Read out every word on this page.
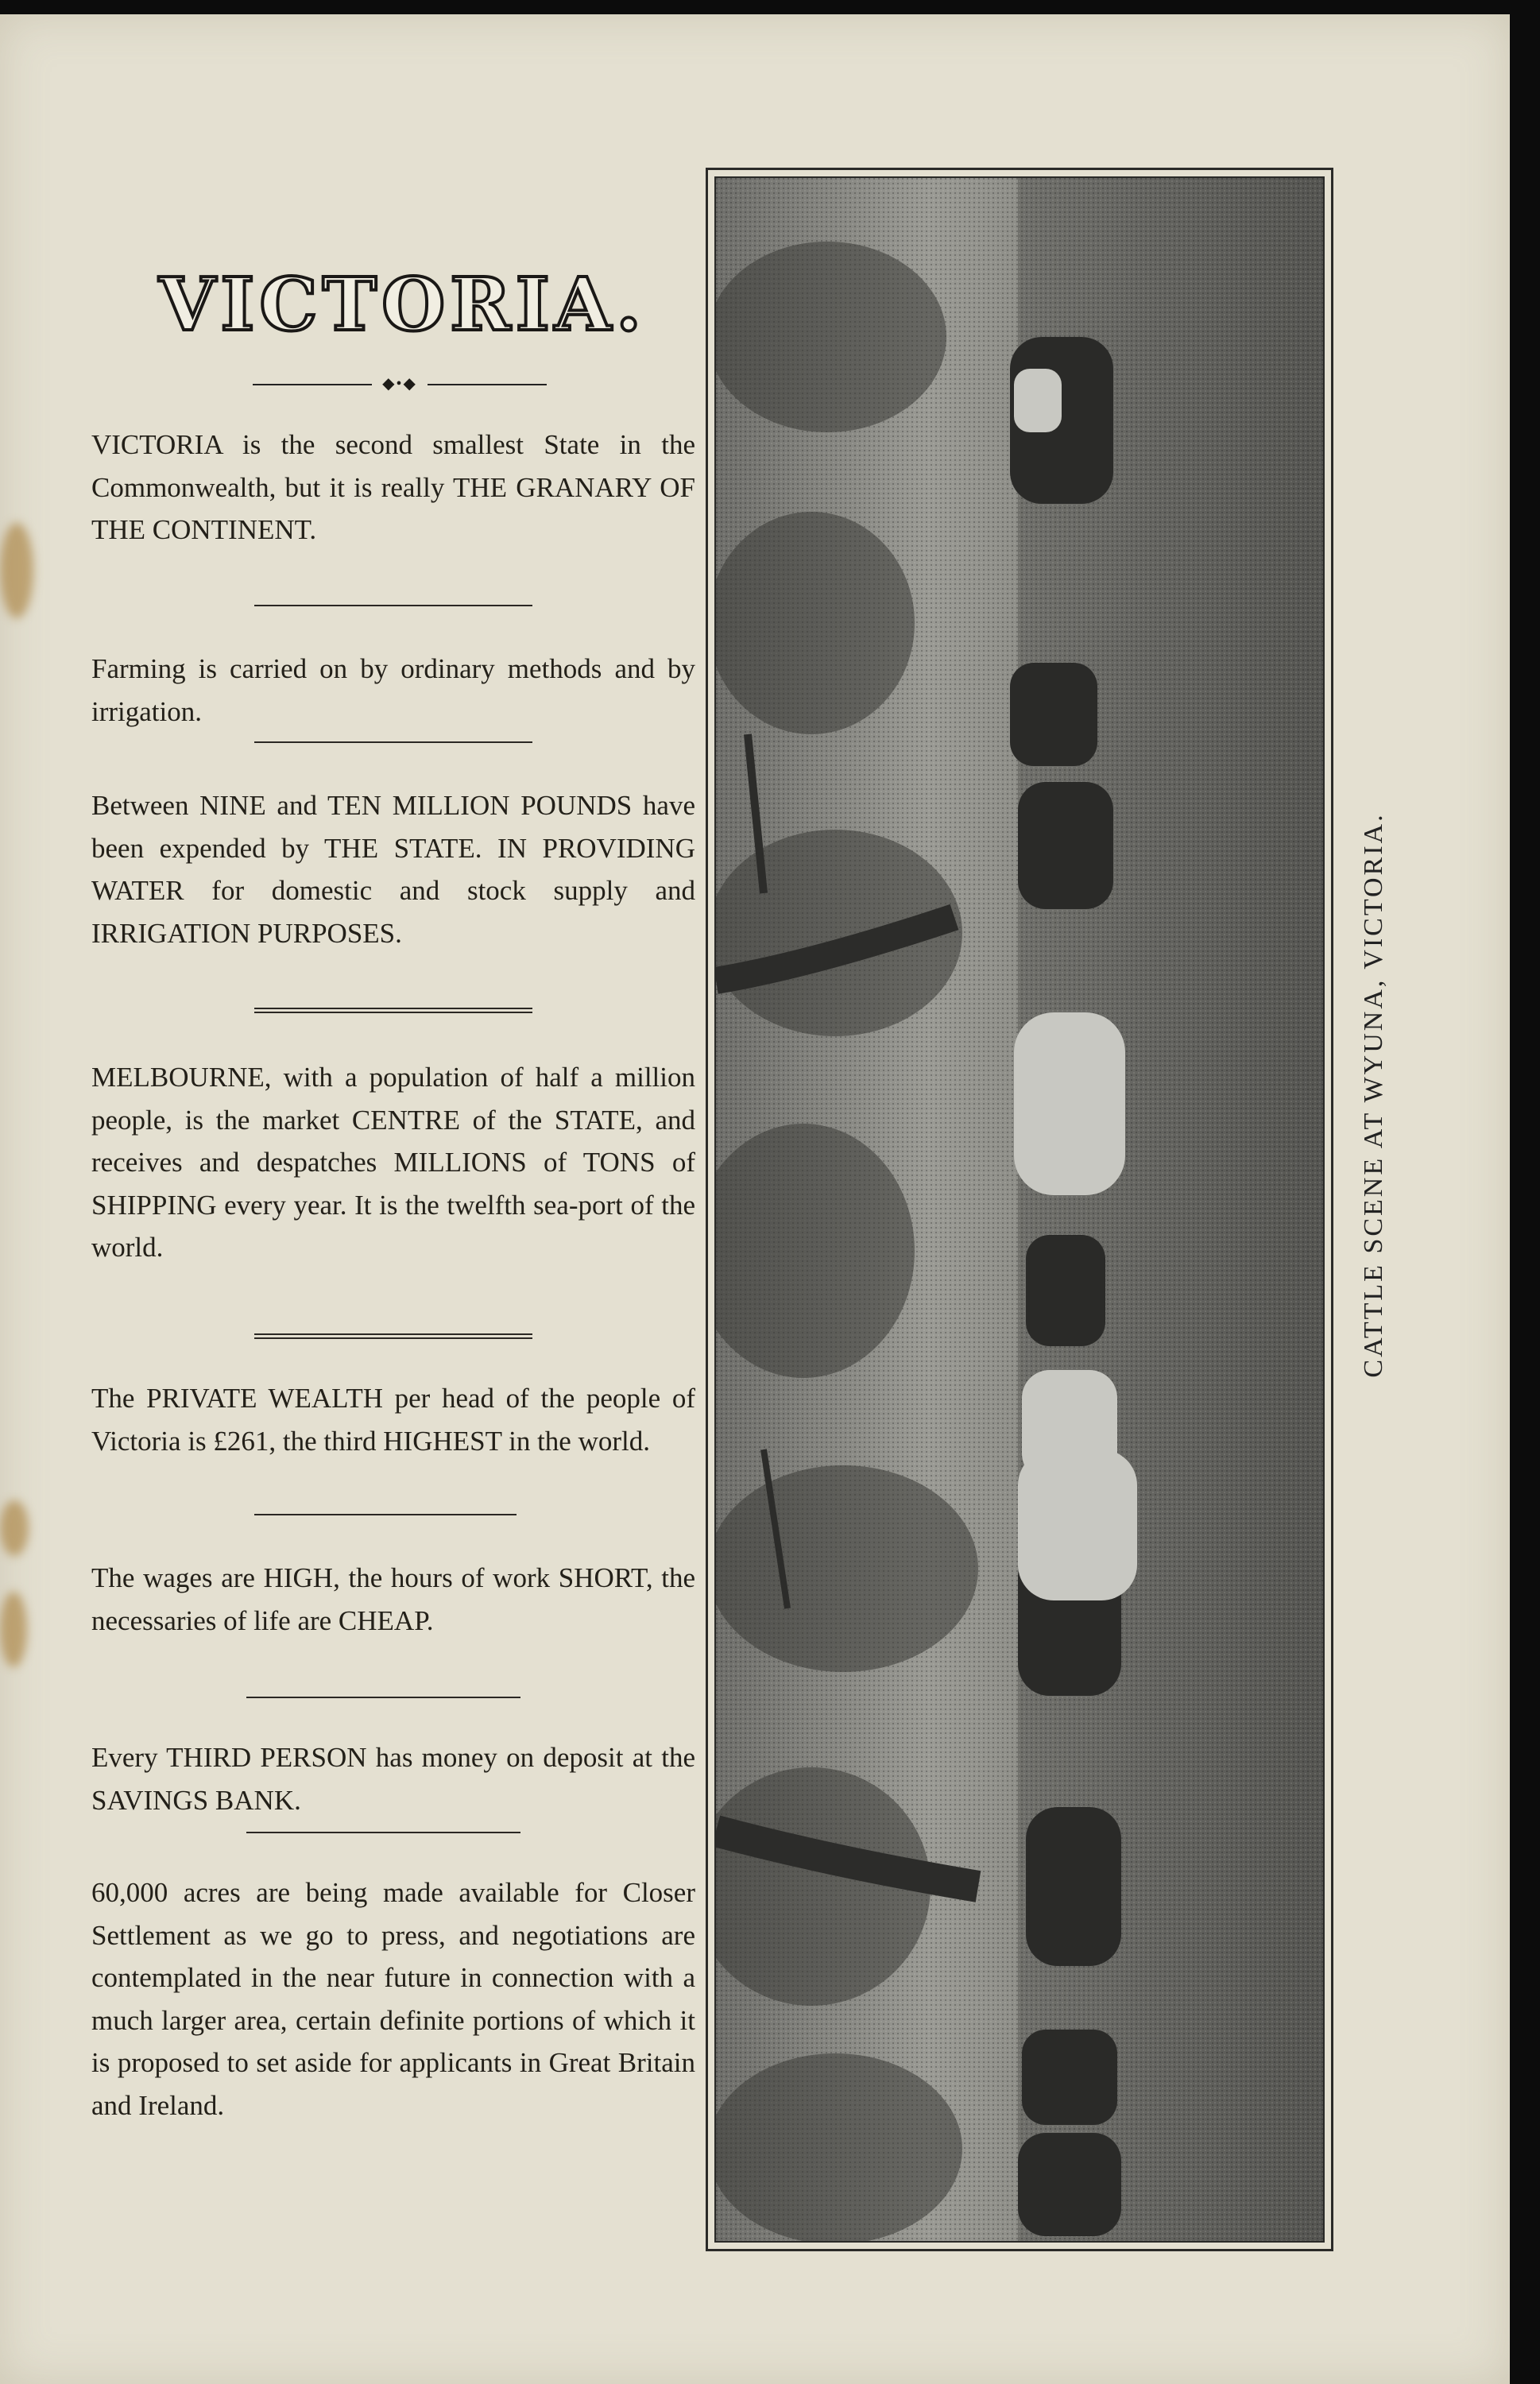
VICTORIA.
◆•◆
VICTORIA is the second smallest State in the Commonwealth, but it is really THE GRANARY OF THE CONTINENT.
Farming is carried on by ordinary methods and by irrigation.
Between NINE and TEN MILLION POUNDS have been expended by THE STATE. IN PROVIDING WATER for domestic and stock supply and IRRIGATION PURPOSES.
MELBOURNE, with a population of half a million people, is the market CENTRE of the STATE, and receives and despatches MILLIONS of TONS of SHIPPING every year. It is the twelfth sea-port of the world.
The PRIVATE WEALTH per head of the people of Victoria is £261, the third HIGHEST in the world.
The wages are HIGH, the hours of work SHORT, the necessaries of life are CHEAP.
Every THIRD PERSON has money on deposit at the SAVINGS BANK.
60,000 acres are being made available for Closer Settlement as we go to press, and negotiations are contemplated in the near future in connection with a much larger area, certain definite portions of which it is proposed to set aside for applicants in Great Britain and Ireland.
CATTLE SCENE AT WYUNA, VICTORIA.
